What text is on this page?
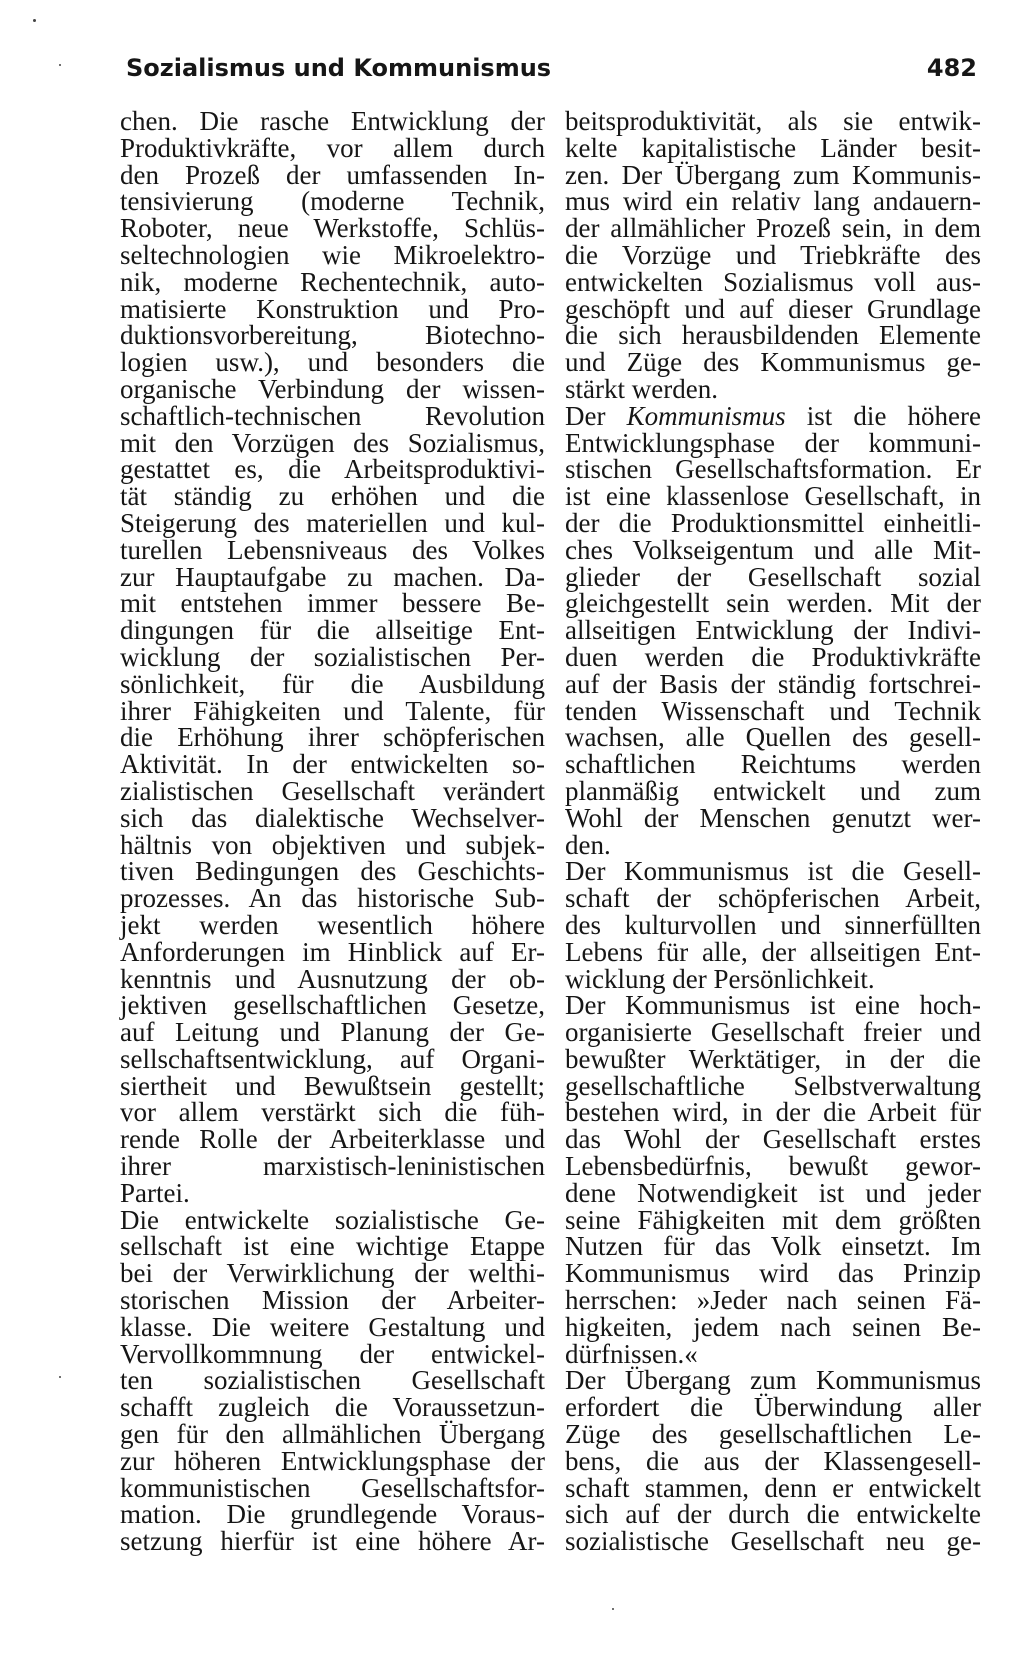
Sozialismus und Kommunismus	482
chen. Die rasche Entwicklung der
Produktivkräfte, vor allem durch
den Prozeß der umfassenden In-
tensivierung (moderne Technik,
Roboter, neue Werkstoffe, Schlüs-
seltechnologien wie Mikroelektro-
nik, moderne Rechentechnik, auto-
matisierte Konstruktion und Pro-
duktionsvorbereitung, Biotechno-
logien usw.), und besonders die
organische Verbindung der wissen-
schaftlich-technischen Revolution
mit den Vorzügen des Sozialismus,
gestattet es, die Arbeitsproduktivi-
tät ständig zu erhöhen und die
Steigerung des materiellen und kul-
turellen Lebensniveaus des Volkes
zur Hauptaufgabe zu machen. Da-
mit entstehen immer bessere Be-
dingungen für die allseitige Ent-
wicklung der sozialistischen Per-
sönlichkeit, für die Ausbildung
ihrer Fähigkeiten und Talente, für
die Erhöhung ihrer schöpferischen
Aktivität. In der entwickelten so-
zialistischen Gesellschaft verändert
sich das dialektische Wechselver-
hältnis von objektiven und subjek-
tiven Bedingungen des Geschichts-
prozesses. An das historische Sub-
jekt werden wesentlich höhere
Anforderungen im Hinblick auf Er-
kenntnis und Ausnutzung der ob-
jektiven gesellschaftlichen Gesetze,
auf Leitung und Planung der Ge-
sellschaftsentwicklung, auf Organi-
siertheit und Bewußtsein gestellt;
vor allem verstärkt sich die füh-
rende Rolle der Arbeiterklasse und
ihrer marxistisch-leninistischen
Partei.
Die entwickelte sozialistische Ge-
sellschaft ist eine wichtige Etappe
bei der Verwirklichung der welthi-
storischen Mission der Arbeiter-
klasse. Die weitere Gestaltung und
Vervollkommnung der entwickel-
ten sozialistischen Gesellschaft
schafft zugleich die Voraussetzun-
gen für den allmählichen Übergang
zur höheren Entwicklungsphase der
kommunistischen Gesellschaftsfor-
mation. Die grundlegende Voraus-
setzung hierfür ist eine höhere Ar-
beitsproduktivität, als sie entwik-
kelte kapitalistische Länder besit-
zen. Der Übergang zum Kommunis-
mus wird ein relativ lang andauern-
der allmählicher Prozeß sein, in dem
die Vorzüge und Triebkräfte des
entwickelten Sozialismus voll aus-
geschöpft und auf dieser Grundlage
die sich herausbildenden Elemente
und Züge des Kommunismus ge-
stärkt werden.
Der Kommunismus ist die höhere
Entwicklungsphase der kommuni-
stischen Gesellschaftsformation. Er
ist eine klassenlose Gesellschaft, in
der die Produktionsmittel einheitli-
ches Volkseigentum und alle Mit-
glieder der Gesellschaft sozial
gleichgestellt sein werden. Mit der
allseitigen Entwicklung der Indivi-
duen werden die Produktivkräfte
auf der Basis der ständig fortschrei-
tenden Wissenschaft und Technik
wachsen, alle Quellen des gesell-
schaftlichen Reichtums werden
planmäßig entwickelt und zum
Wohl der Menschen genutzt wer-
den.
Der Kommunismus ist die Gesell-
schaft der schöpferischen Arbeit,
des kulturvollen und sinnerfüllten
Lebens für alle, der allseitigen Ent-
wicklung der Persönlichkeit.
Der Kommunismus ist eine hoch-
organisierte Gesellschaft freier und
bewußter Werktätiger, in der die
gesellschaftliche Selbstverwaltung
bestehen wird, in der die Arbeit für
das Wohl der Gesellschaft erstes
Lebensbedürfnis, bewußt gewor-
dene Notwendigkeit ist und jeder
seine Fähigkeiten mit dem größten
Nutzen für das Volk einsetzt. Im
Kommunismus wird das Prinzip
herrschen: »Jeder nach seinen Fä-
higkeiten, jedem nach seinen Be-
dürfnissen.«
Der Übergang zum Kommunismus
erfordert die Überwindung aller
Züge des gesellschaftlichen Le-
bens, die aus der Klassengesell-
schaft stammen, denn er entwickelt
sich auf der durch die entwickelte
sozialistische Gesellschaft neu ge-
